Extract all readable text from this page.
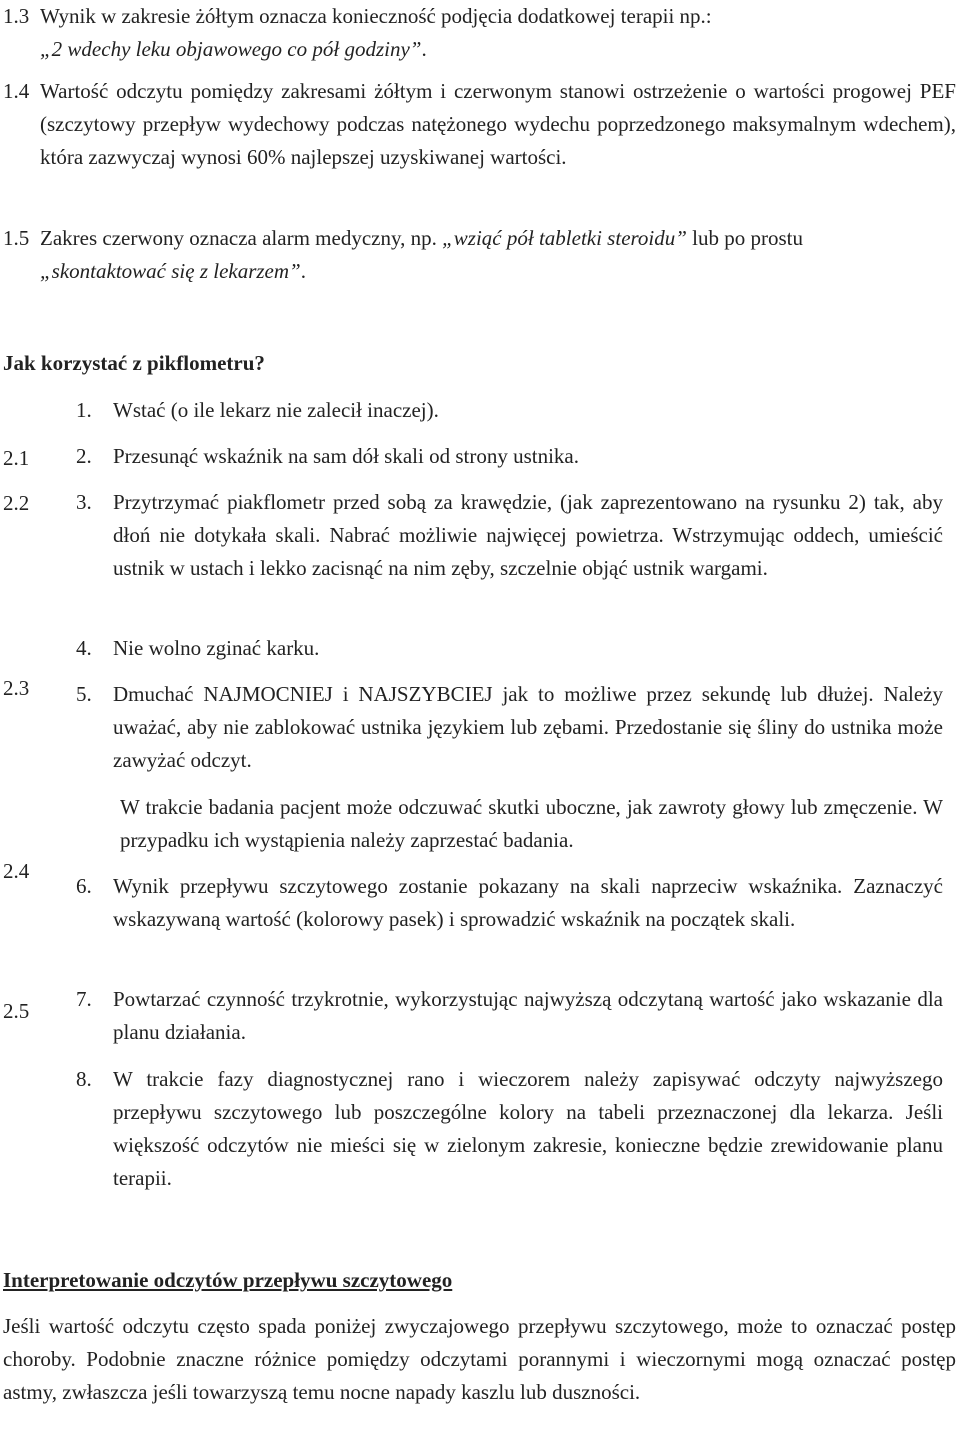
1.3 Wynik w zakresie żółtym oznacza konieczność podjęcia dodatkowej terapii np.:

„2 wdechy leku objawowego co pół godziny”.

1.4 Wartość odczytu pomiędzy zakresami żółtym i czerwonym stanowi ostrzeżenie o wartości progowej PEF (szczytowy przepływ wydechowy podczas natężonego wydechu poprzedzonego maksymalnym wdechem), która zazwyczaj wynosi 60% najlepszej uzyskiwanej wartości.

1.5 Zakres czerwony oznacza alarm medyczny, np. „wziąć pół tabletki steroidu” lub po prostu
„skontaktować się z lekarzem”.

Jak korzystać z pikflometru?

2.1
2.2
2.3
2.4
2.5
1. Wstać (o ile lekarz nie zalecił inaczej).

2. Przesunąć wskaźnik na sam dół skali od strony ustnika.

3. Przytrzymać piakflometr przed sobą za krawędzie, (jak zaprezentowano na rysunku 2) tak, aby dłoń nie dotykała skali. Nabrać możliwie najwięcej powietrza. Wstrzymując oddech, umieścić ustnik w ustach i lekko zacisnąć na nim zęby, szczelnie objąć ustnik wargami.

4. Nie wolno zginać karku.

5. Dmuchać NAJMOCNIEJ i NAJSZYBCIEJ jak to możliwe przez sekundę lub dłużej. Należy uważać, aby nie zablokować ustnika językiem lub zębami. Przedostanie się śliny do ustnika może zawyżać odczyt.

W trakcie badania pacjent może odczuwać skutki uboczne, jak zawroty głowy lub zmęczenie. W przypadku ich wystąpienia należy zaprzestać badania.

6. Wynik przepływu szczytowego zostanie pokazany na skali naprzeciw wskaźnika. Zaznaczyć wskazywaną wartość (kolorowy pasek) i sprowadzić wskaźnik na początek skali.

7. Powtarzać czynność trzykrotnie, wykorzystując najwyższą odczytaną wartość jako wskazanie dla planu działania.

8. W trakcie fazy diagnostycznej rano i wieczorem należy zapisywać odczyty najwyższego przepływu szczytowego lub poszczególne kolory na tabeli przeznaczonej dla lekarza. Jeśli większość odczytów nie mieści się w zielonym zakresie, konieczne będzie zrewidowanie planu terapii.

Interpretowanie odczytów przepływu szczytowego

Jeśli wartość odczytu często spada poniżej zwyczajowego przepływu szczytowego, może to oznaczać postęp choroby. Podobnie znaczne różnice pomiędzy odczytami porannymi i wieczornymi mogą oznaczać postęp astmy, zwłaszcza jeśli towarzyszą temu nocne napady kaszlu lub duszności.
